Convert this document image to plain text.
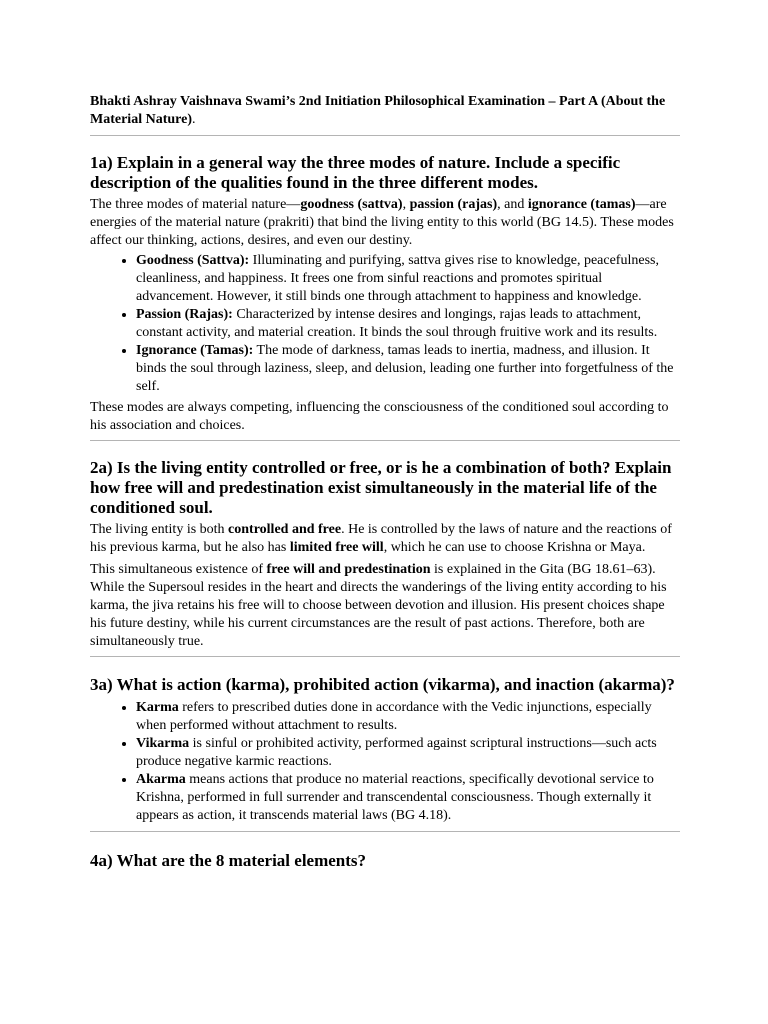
Bhakti Ashray Vaishnava Swami’s 2nd Initiation Philosophical Examination – Part A (About the Material Nature).

1a) Explain in a general way the three modes of nature. Include a specific description of the qualities found in the three different modes.

The three modes of material nature—goodness (sattva), passion (rajas), and ignorance (tamas)—are energies of the material nature (prakriti) that bind the living entity to this world (BG 14.5). These modes affect our thinking, actions, desires, and even our destiny.

• Goodness (Sattva): Illuminating and purifying, sattva gives rise to knowledge, peacefulness, cleanliness, and happiness. It frees one from sinful reactions and promotes spiritual advancement. However, it still binds one through attachment to happiness and knowledge.
• Passion (Rajas): Characterized by intense desires and longings, rajas leads to attachment, constant activity, and material creation. It binds the soul through fruitive work and its results.
• Ignorance (Tamas): The mode of darkness, tamas leads to inertia, madness, and illusion. It binds the soul through laziness, sleep, and delusion, leading one further into forgetfulness of the self.

These modes are always competing, influencing the consciousness of the conditioned soul according to his association and choices.

2a) Is the living entity controlled or free, or is he a combination of both? Explain how free will and predestination exist simultaneously in the material life of the conditioned soul.

The living entity is both controlled and free. He is controlled by the laws of nature and the reactions of his previous karma, but he also has limited free will, which he can use to choose Krishna or Maya.

This simultaneous existence of free will and predestination is explained in the Gita (BG 18.61–63). While the Supersoul resides in the heart and directs the wanderings of the living entity according to his karma, the jiva retains his free will to choose between devotion and illusion. His present choices shape his future destiny, while his current circumstances are the result of past actions. Therefore, both are simultaneously true.

3a) What is action (karma), prohibited action (vikarma), and inaction (akarma)?
• Karma refers to prescribed duties done in accordance with the Vedic injunctions, especially when performed without attachment to results.
• Vikarma is sinful or prohibited activity, performed against scriptural instructions—such acts produce negative karmic reactions.
• Akarma means actions that produce no material reactions, specifically devotional service to Krishna, performed in full surrender and transcendental consciousness. Though externally it appears as action, it transcends material laws (BG 4.18).
4a) What are the 8 material elements?
